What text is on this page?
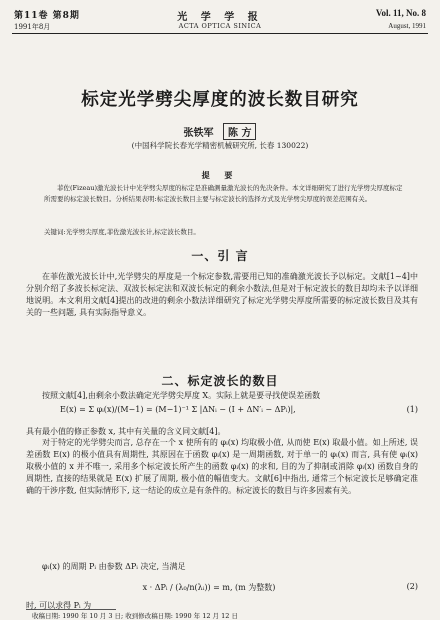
第11卷 第8期
1991年8月
光 学 学 报
ACTA OPTICA SINICA
Vol. 11, No. 8
August, 1991
标定光学劈尖厚度的波长数目研究
张铁军 陈 方
(中国科学院长春光学精密机械研究所, 长春 130022)
提 要
菲佐(Fizeau)激光波长计中光学劈尖厚度的标定是准确测量激光波长的先决条件。本文详细研究了进行光学劈尖厚度标定所需要的标定波长数目。分析结果表明:标定波长数目主要与标定波长的选择方式及光学劈尖厚度的误差范围有关。
关键词:光学劈尖厚度,菲佐激光波长计,标定波长数目。
一、引 言
在菲佐激光波长计中,光学劈尖的厚度是一个标定参数,需要用已知的准确激光波长予以标定。文献[1~4]中分别介绍了多波长标定法、双波长标定法和双波长标定的剩余小数法,但是对于标定波长的数目却均未予以详细地说明。本文利用文献[4]提出的改进的剩余小数法详细研究了标定光学劈尖厚度所需要的标定波长数目及其有关的一些问题, 具有实际指导意义。
二、标定波长的数目
按照文献[4],由剩余小数法确定光学劈尖厚度 X。实际上就是要寻找使误差函数
E(x) = Σ φᵢ(x)/(M−1) = (M−1)⁻¹ Σ |ΔNᵢ − (I + ΔN′ᵢ − ΔPᵢ)|,	(1)
具有最小值的修正参数 x, 其中有关量的含义同文献[4]。
对于特定的光学劈尖而言, 总存在一个 x 使所有的 φᵢ(x) 均取极小值, 从而使 E(x) 取最小值。如上所述, 误差函数 E(x) 的极小值具有周期性, 其原因在于函数 φᵢ(x) 是一周期函数, 对于单一的 φᵢ(x) 而言, 具有使 φᵢ(x) 取极小值的 x 并不唯一, 采用多个标定波长所产生的函数 φᵢ(x) 的求和, 目的为了抑制或消除 φᵢ(x) 函数自身的周期性, 直接的结果就是 E(x) 扩展了周期, 极小值的幅值变大。文献[6]中指出, 通常三个标定波长足够确定准确的干涉序数, 但实际情形下, 这一结论的成立是有条件的。标定波长的数目与许多因素有关。
φᵢ(x) 的周期 Pᵢ 由参数 ΔPᵢ 决定, 当满足
x · ΔPᵢ / (λ₀/n(λᵢ)) = m, (m 为整数)	(2)
时, 可以求得 Pᵢ 为
收稿日期: 1990 年 10 月 3 日; 收到修改稿日期: 1990 年 12 月 12 日
